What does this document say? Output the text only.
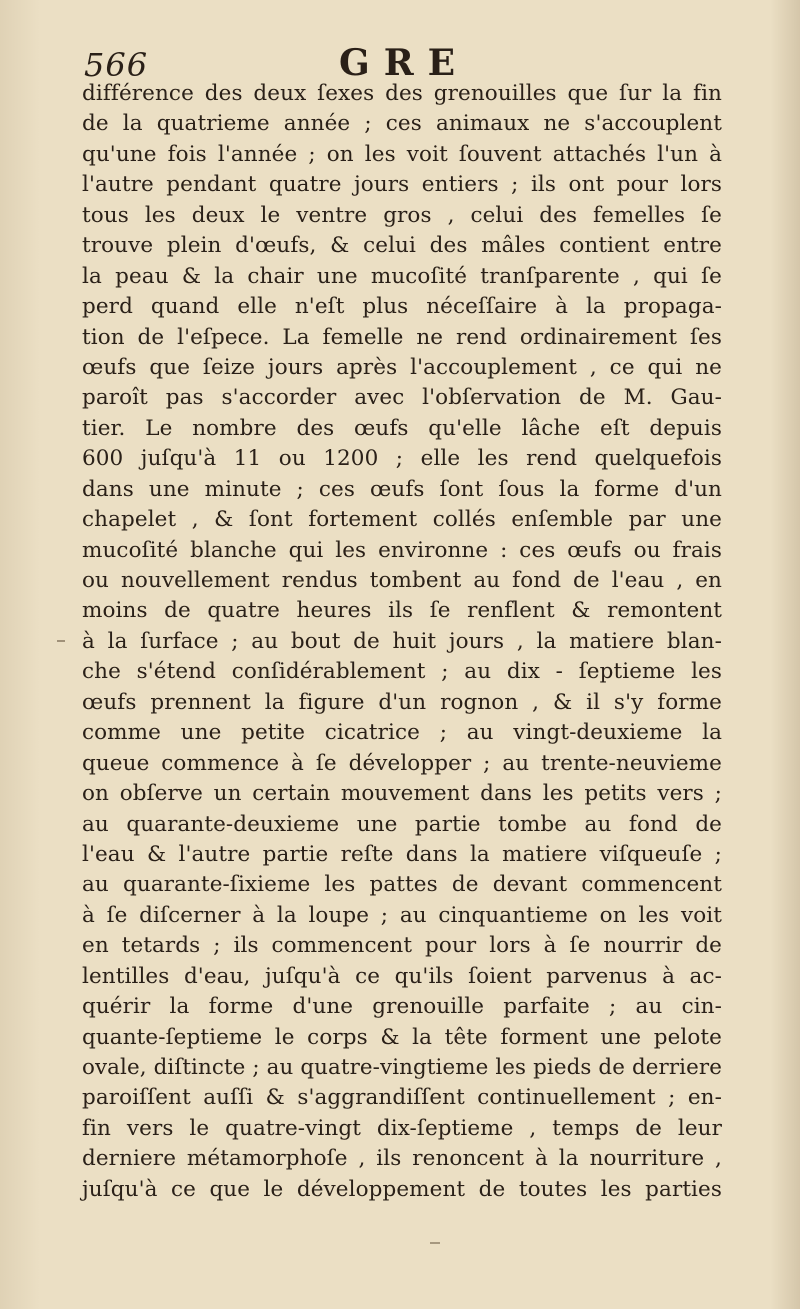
566	GRE
différence des deux ſexes des grenouilles que ſur la fin
de la quatrieme année ; ces animaux ne s'accouplent
qu'une fois l'année ; on les voit ſouvent attachés l'un à
l'autre pendant quatre jours entiers ; ils ont pour lors
tous les deux le ventre gros , celui des femelles ſe
trouve plein d'œufs, & celui des mâles contient entre
la peau & la chair une mucoſité tranſparente , qui ſe
perd quand elle n'eſt plus néceſſaire à la propaga-
tion de l'eſpece. La femelle ne rend ordinairement ſes
œufs que ſeize jours après l'accouplement , ce qui ne
paroît pas s'accorder avec l'obſervation de M. Gau-
tier. Le nombre des œufs qu'elle lâche eſt depuis
600 juſqu'à 11 ou 1200 ; elle les rend quelquefois
dans une minute ; ces œufs ſont ſous la forme d'un
chapelet , & ſont fortement collés enſemble par une
mucoſité blanche qui les environne : ces œufs ou frais
ou nouvellement rendus tombent au fond de l'eau , en
moins de quatre heures ils ſe renflent & remontent
à la ſurface ; au bout de huit jours , la matiere blan-
che s'étend conſidérablement ; au dix - ſeptieme les
œufs prennent la figure d'un rognon , & il s'y forme
comme une petite cicatrice ; au vingt-deuxieme la
queue commence à ſe développer ; au trente-neuvieme
on obſerve un certain mouvement dans les petits vers ;
au quarante-deuxieme une partie tombe au fond de
l'eau & l'autre partie reſte dans la matiere viſqueuſe ;
au quarante-ſixieme les pattes de devant commencent
à ſe diſcerner à la loupe ; au cinquantieme on les voit
en tetards ; ils commencent pour lors à ſe nourrir de
lentilles d'eau, juſqu'à ce qu'ils ſoient parvenus à ac-
quérir la forme d'une grenouille parfaite ; au cin-
quante-ſeptieme le corps & la tête forment une pelote
ovale, diſtincte ; au quatre-vingtieme les pieds de derriere
paroiſſent auſſi & s'aggrandiſſent continuellement ; en-
fin vers le quatre-vingt dix-ſeptieme , temps de leur
derniere métamorphoſe , ils renoncent à la nourriture ,
juſqu'à ce que le développement de toutes les parties
